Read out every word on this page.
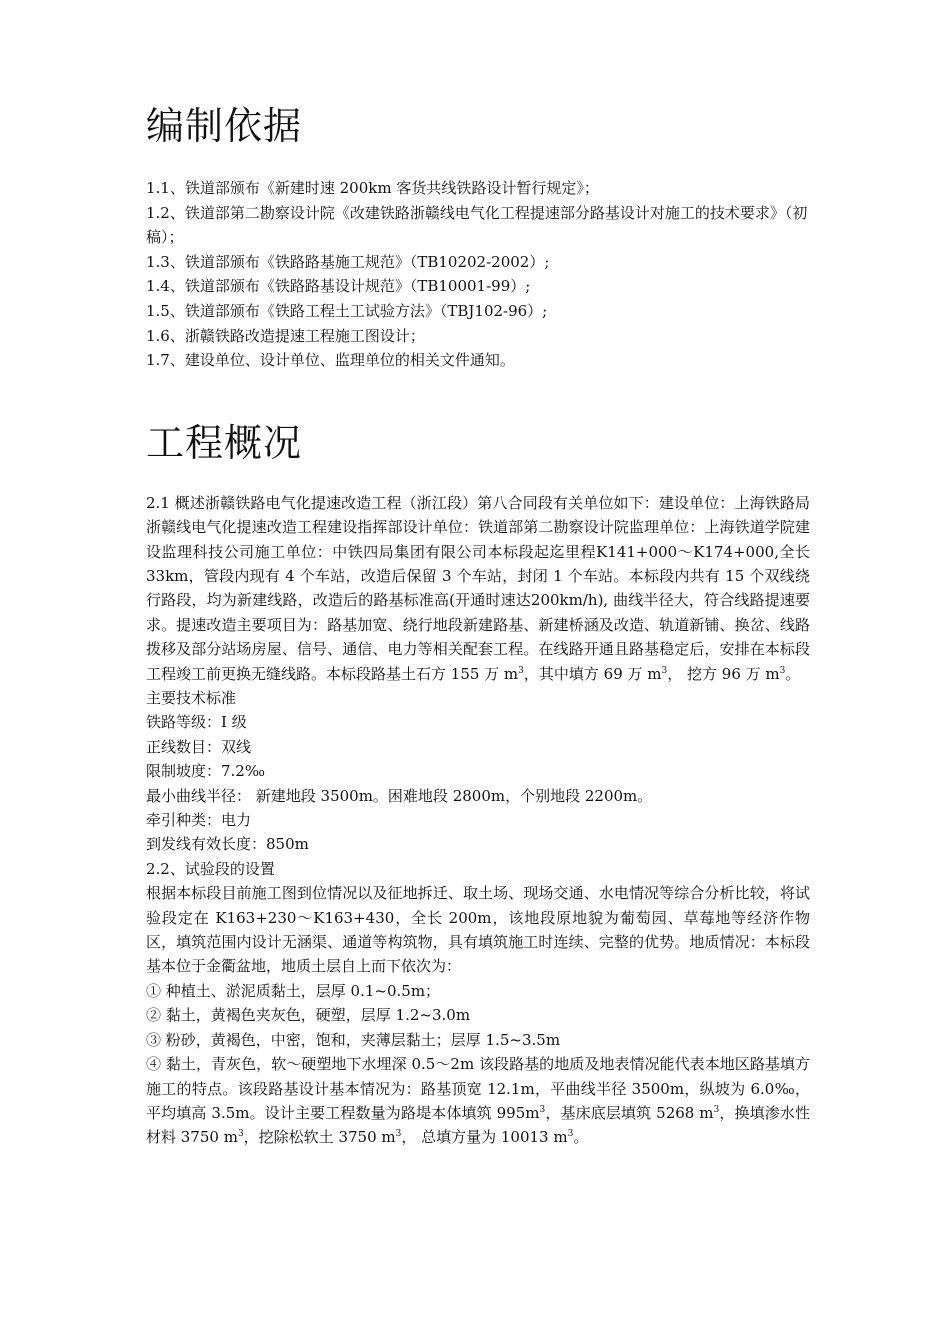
编制依据

1.1、铁道部颁布《新建时速 200km 客货共线铁路设计暂行规定》；

1.2、铁道部第二勘察设计院《改建铁路浙赣线电气化工程提速部分路基设计对施工的技术要求》（初稿）；

1.3、铁道部颁布《铁路路基施工规范》（TB10202-2002）;

1.4、铁道部颁布《铁路路基设计规范》（TB10001-99）;

1.5、铁道部颁布《铁路工程土工试验方法》（TBJ102-96）;

1.6、浙赣铁路改造提速工程施工图设计；

1.7、建设单位、设计单位、监理单位的相关文件通知。

工程概况

2.1 概述浙赣铁路电气化提速改造工程（浙江段）第八合同段有关单位如下：建设单位：上海铁路局浙赣线电气化提速改造工程建设指挥部设计单位：铁道部第二勘察设计院监理单位：上海铁道学院建设监理科技公司施工单位：中铁四局集团有限公司本标段起迄里程K141+000～K174+000,全长 33km，管段内现有 4 个车站，改造后保留 3 个车站，封闭 1 个车站。本标段内共有 15 个双线绕行路段，均为新建线路，改造后的路基标准高(开通时速达200km/h), 曲线半径大，符合线路提速要求。提速改造主要项目为：路基加宽、绕行地段新建路基、新建桥涵及改造、轨道新铺、换岔、线路拨移及部分站场房屋、信号、通信、电力等相关配套工程。在线路开通且路基稳定后，安排在本标段工程竣工前更换无缝线路。本标段路基土石方 155 万 $m^3$，其中填方 69 万 $m^3$， 挖方 96 万 $m^3$。

主要技术标准

铁路等级：I 级

正线数目：双线

限制坡度：7.2‰

最小曲线半径： 新建地段 3500m。困难地段 2800m，个别地段 2200m。

牵引种类：电力

到发线有效长度：850m

2.2、试验段的设置

根据本标段目前施工图到位情况以及征地拆迁、取土场、现场交通、水电情况等综合分析比较，将试验段定在 K163+230～K163+430，全长 200m，该地段原地貌为葡萄园、草莓地等经济作物区，填筑范围内设计无涵渠、通道等构筑物，具有填筑施工时连续、完整的优势。地质情况：本标段基本位于金衢盆地，地质土层自上而下依次为：

① 种植土、淤泥质黏土，层厚 0.1~0.5m；

② 黏土，黄褐色夹灰色，硬塑，层厚 1.2~3.0m

③ 粉砂，黄褐色，中密，饱和，夹薄层黏土；层厚 1.5~3.5m

④ 黏土，青灰色，软～硬塑地下水埋深 0.5～2m 该段路基的地质及地表情况能代表本地区路基填方施工的特点。该段路基设计基本情况为：路基顶宽 12.1m，平曲线半径 3500m，纵坡为 6.0‰， 平均填高 3.5m。设计主要工程数量为路堤本体填筑 $995m^3$，基床底层填筑 5268 $m^3$，换填渗水性材料 3750 $m^3$，挖除松软土 3750 $m^3$， 总填方量为 10013 $m^3$。
